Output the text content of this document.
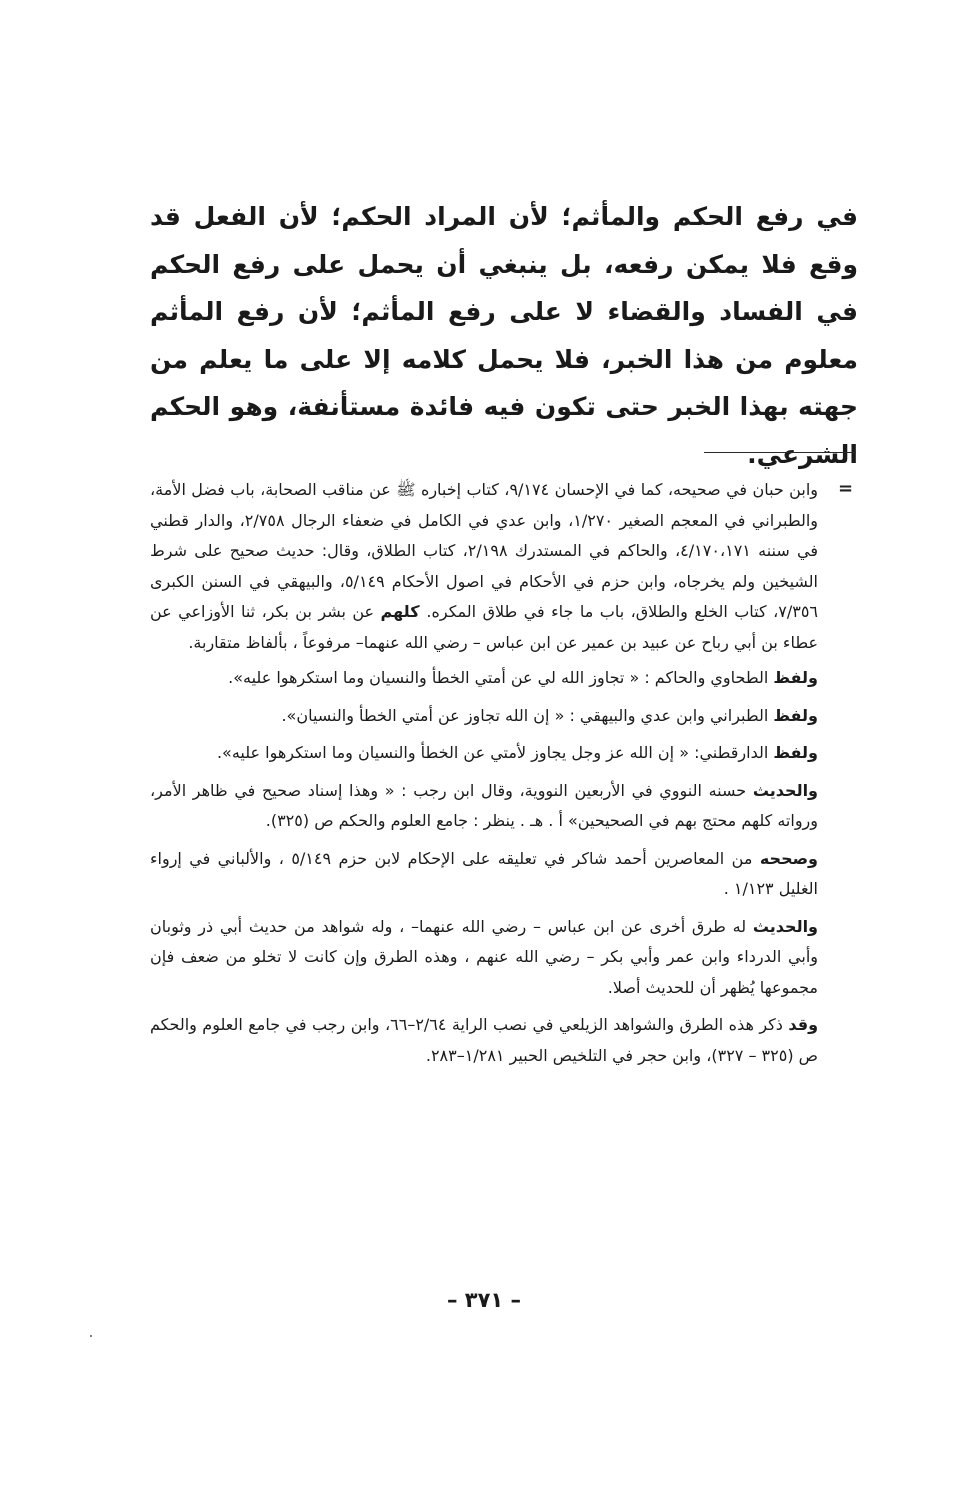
في رفع الحكم والمأثم؛ لأن المراد الحكم؛ لأن الفعل قد وقع فلا يمكن رفعه، بل ينبغي أن يحمل على رفع الحكم في الفساد والقضاء لا على رفع المأثم؛ لأن رفع المأثم معلوم من هذا الخبر، فلا يحمل كلامه إلا على ما يعلم من جهته بهذا الخبر حتى تكون فيه فائدة مستأنفة، وهو الحكم الشرعي.

=

وابن حبان في صحيحه، كما في الإحسان ٩/١٧٤، كتاب إخباره ﷺ عن مناقب الصحابة، باب فضل الأمة، والطبراني في المعجم الصغير ١/٢٧٠، وابن عدي في الكامل في ضعفاء الرجال ٢/٧٥٨، والدار قطني في سننه ٤/١٧٠،١٧١، والحاكم في المستدرك ٢/١٩٨، كتاب الطلاق، وقال: حديث صحيح على شرط الشيخين ولم يخرجاه، وابن حزم في الأحكام في اصول الأحكام ٥/١٤٩، والبيهقي في السنن الكبرى ٧/٣٥٦، كتاب الخلع والطلاق، باب ما جاء في طلاق المكره. كلهم عن بشر بن بكر، ثنا الأوزاعي عن عطاء بن أبي رباح عن عبيد بن عمير عن ابن عباس – رضي الله عنهما– مرفوعاً ، بألفاظ متقاربة.

ولفظ الطحاوي والحاكم : « تجاوز الله لي عن أمتي الخطأ والنسيان وما استكرهوا عليه».

ولفظ الطبراني وابن عدي والبيهقي : « إن الله تجاوز عن أمتي الخطأ والنسيان».

ولفظ الدارقطني: « إن الله عز وجل يجاوز لأمتي عن الخطأ والنسيان وما استكرهوا عليه».

والحديث حسنه النووي في الأربعين النووية، وقال ابن رجب : « وهذا إسناد صحيح في ظاهر الأمر، ورواته كلهم محتج بهم في الصحيحين» أ . هـ . ينظر : جامع العلوم والحكم ص (٣٢٥).

وصححه من المعاصرين أحمد شاكر في تعليقه على الإحكام لابن حزم ٥/١٤٩ ، والألباني في إرواء الغليل ١/١٢٣ .

والحديث له طرق أخرى عن ابن عباس – رضي الله عنهما– ، وله شواهد من حديث أبي ذر وثوبان وأبي الدرداء وابن عمر وأبي بكر – رضي الله عنهم ، وهذه الطرق وإن كانت لا تخلو من ضعف فإن مجموعها يُظهر أن للحديث أصلا.

وقد ذكر هذه الطرق والشواهد الزيلعي في نصب الراية ٢/٦٤–٦٦، وابن رجب في جامع العلوم والحكم ص (٣٢٥ – ٣٢٧)، وابن حجر في التلخيص الحبير ١/٢٨١–٢٨٣.

– ٣٧١ –
